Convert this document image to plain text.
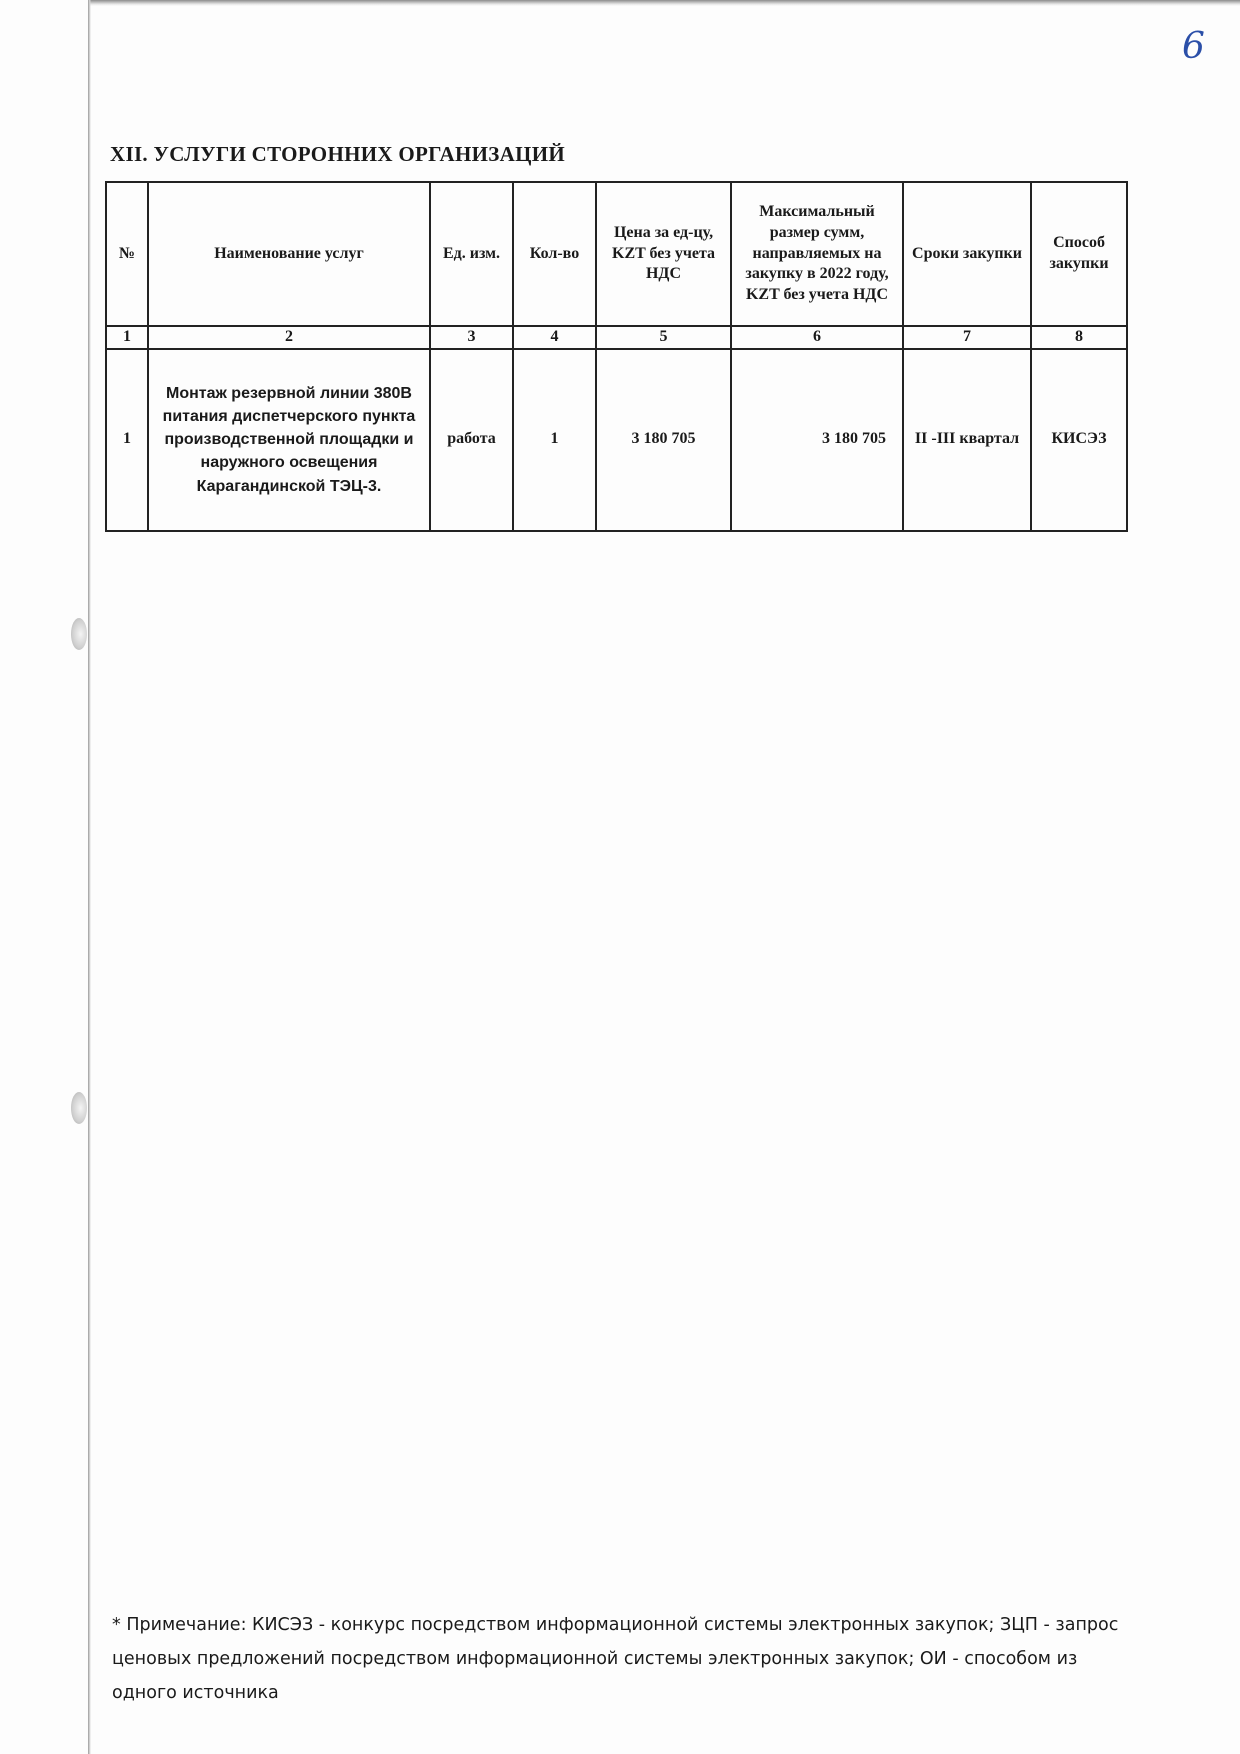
6
XII. УСЛУГИ СТОРОННИХ ОРГАНИЗАЦИЙ
№	Наименование услуг	Ед. изм.	Кол-во	Цена за ед-цу, KZT без учета НДС	Максимальный размер сумм, направляемых на закупку в 2022 году, KZT без учета НДС	Сроки закупки	Способ закупки
1	2	3	4	5	6	7	8
1	Монтаж резервной линии 380В питания диспетчерского пункта производственной площадки и наружного освещения Карагандинской ТЭЦ-3.	работа	1	3 180 705	3 180 705	II -III квартал	КИСЭЗ

* Примечание: КИСЭЗ - конкурс посредством информационной системы электронных закупок; ЗЦП - запрос ценовых предложений посредством информационной системы электронных закупок; ОИ - способом из одного источника
